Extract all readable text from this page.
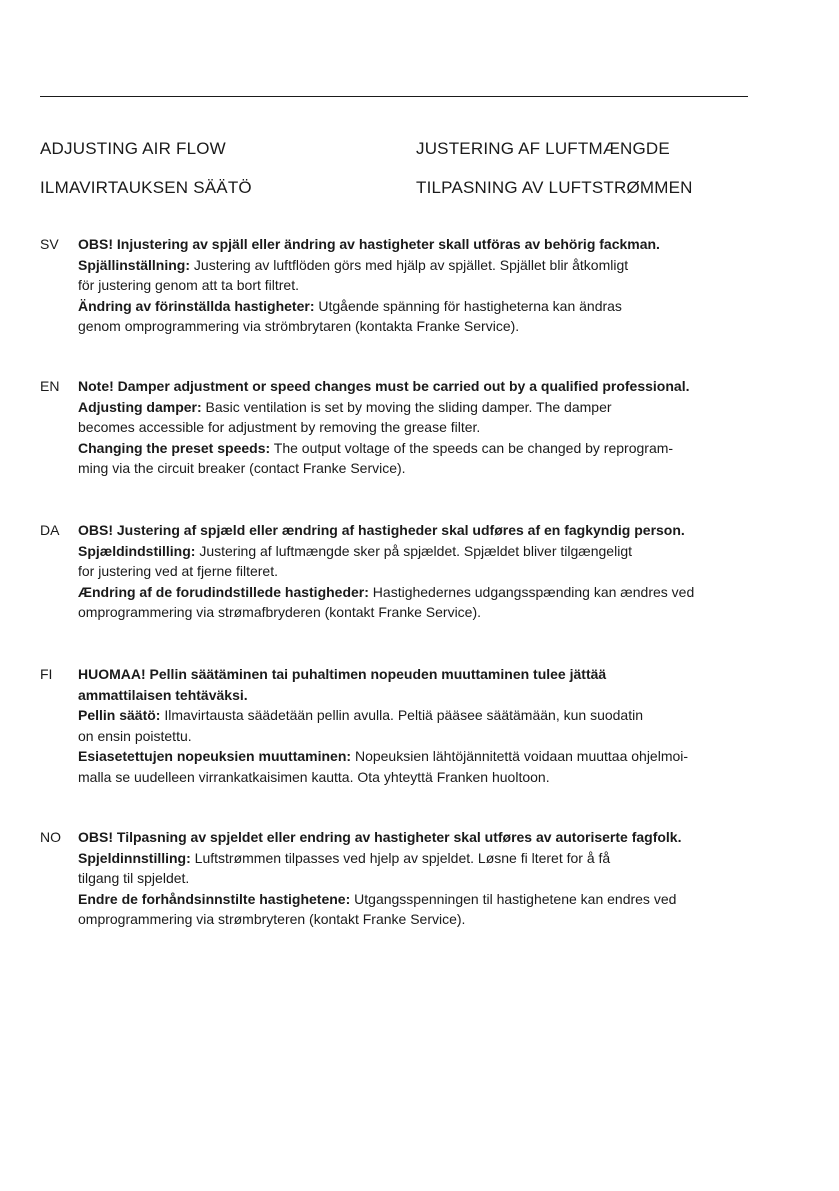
ADJUSTING AIR FLOW	JUSTERING AF LUFTMÆNGDE
ILMAVIRTAUKSEN SÄÄTÖ	TILPASNING AV LUFTSTRØMMEN
SV	OBS! Injustering av spjäll eller ändring av hastigheter skall utföras av behörig fackman.
Spjällinställning: Justering av luftflöden görs med hjälp av spjället. Spjället blir åtkomligt
för justering genom att ta bort filtret.
Ändring av förinställda hastigheter: Utgående spänning för hastigheterna kan ändras
genom omprogrammering via strömbrytaren (kontakta Franke Service).
EN	Note! Damper adjustment or speed changes must be carried out by a qualified professional.
Adjusting damper: Basic ventilation is set by moving the sliding damper. The damper
becomes accessible for adjustment by removing the grease filter.
Changing the preset speeds: The output voltage of the speeds can be changed by reprogram-
ming via the circuit breaker (contact Franke Service).
DA	OBS! Justering af spjæld eller ændring af hastigheder skal udføres af en fagkyndig person.
Spjældindstilling: Justering af luftmængde sker på spjældet. Spjældet bliver tilgængeligt
for justering ved at fjerne filteret.
Ændring af de forudindstillede hastigheder: Hastighedernes udgangsspænding kan ændres ved
omprogrammering via strømafbryderen (kontakt Franke Service).
FI	HUOMAA! Pellin säätäminen tai puhaltimen nopeuden muuttaminen tulee jättää
ammattilaisen tehtäväksi.
Pellin säätö: Ilmavirtausta säädetään pellin avulla. Peltiä pääsee säätämään, kun suodatin
on ensin poistettu.
Esiasetettujen nopeuksien muuttaminen: Nopeuksien lähtöjännitettä voidaan muuttaa ohjelmoi-
malla se uudelleen virrankatkaisimen kautta. Ota yhteyttä Franken huoltoon.
NO	OBS! Tilpasning av spjeldet eller endring av hastigheter skal utføres av autoriserte fagfolk.
Spjeldinnstilling: Luftstrømmen tilpasses ved hjelp av spjeldet. Løsne fi lteret for å få
tilgang til spjeldet.
Endre de forhåndsinnstilte hastighetene: Utgangsspenningen til hastighetene kan endres ved
omprogrammering via strømbryteren (kontakt Franke Service).
